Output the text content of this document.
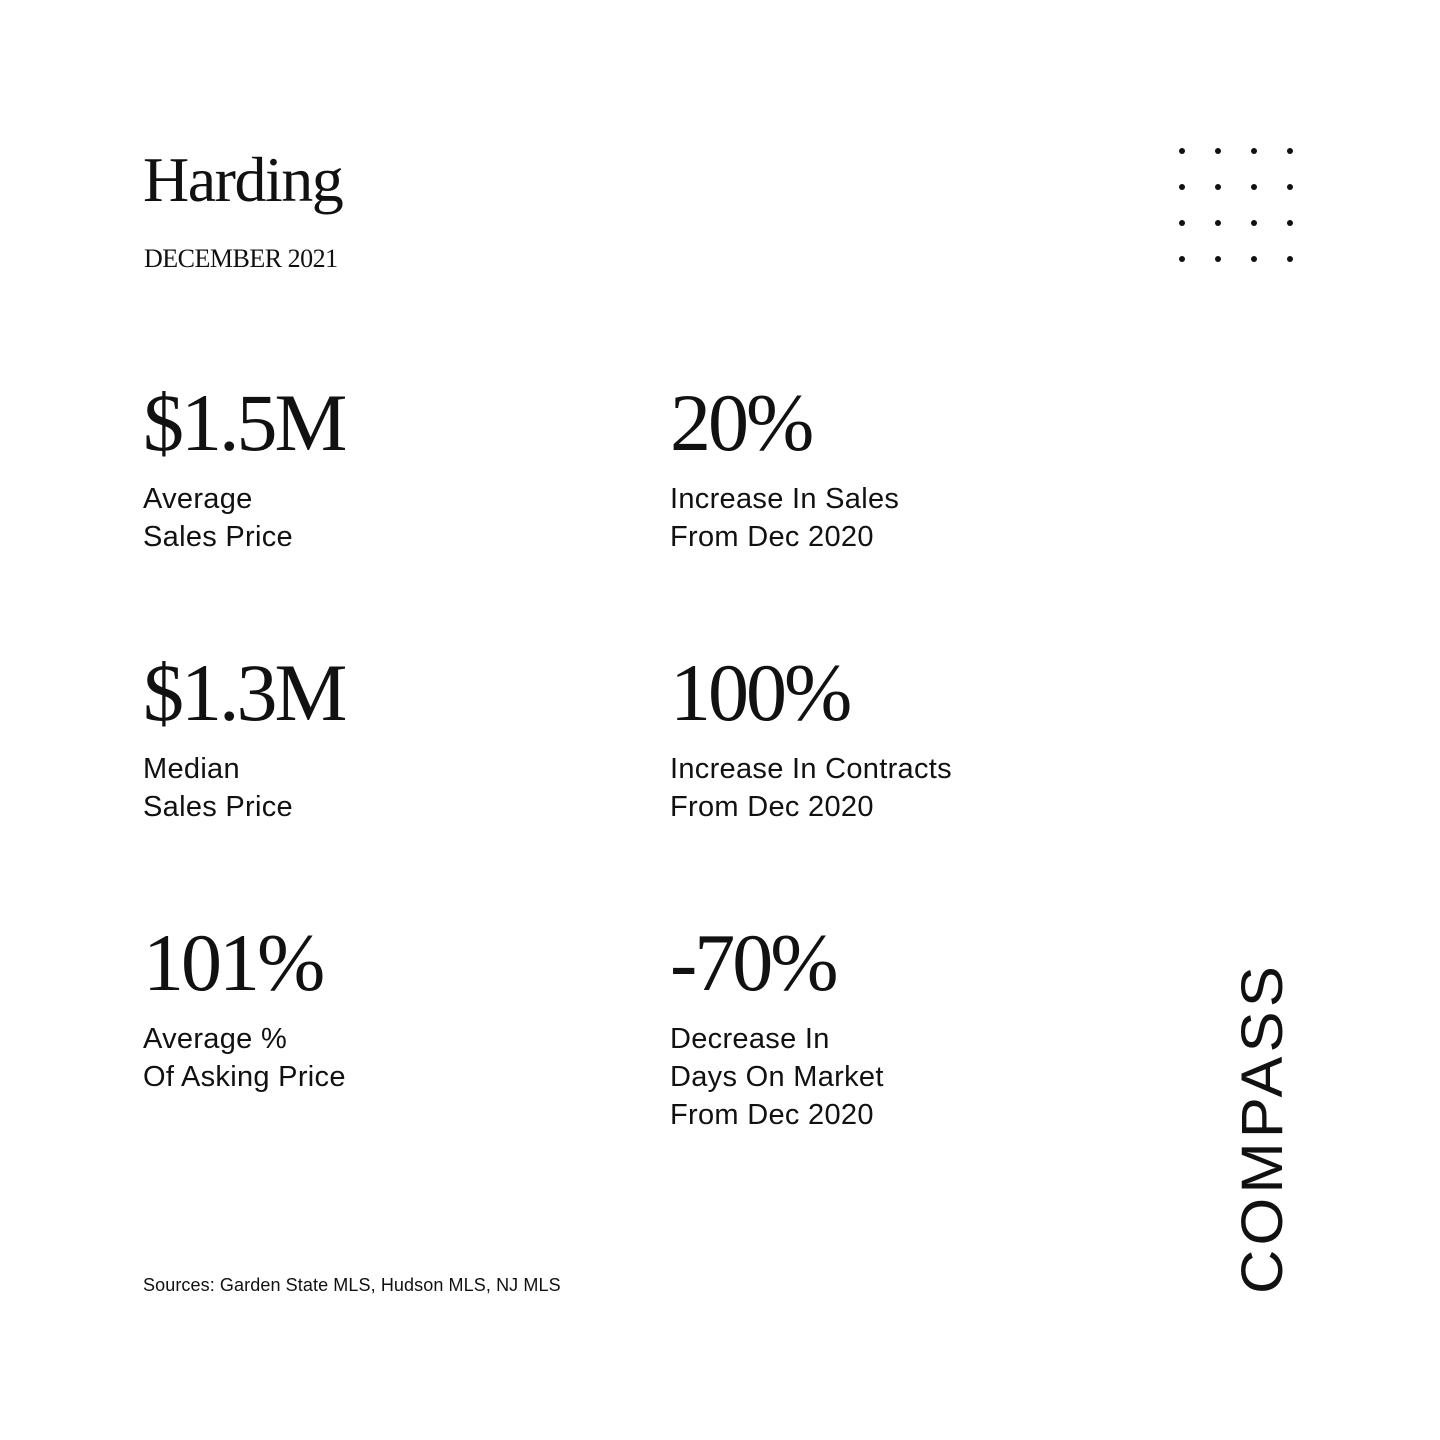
Harding
DECEMBER 2021
$1.5M
Average
Sales Price
20%
Increase In Sales
From Dec 2020
$1.3M
Median
Sales Price
100%
Increase In Contracts
From Dec 2020
101%
Average %
Of Asking Price
-70%
Decrease In
Days On Market
From Dec 2020
Sources: Garden State MLS, Hudson MLS, NJ MLS	COMPASS
